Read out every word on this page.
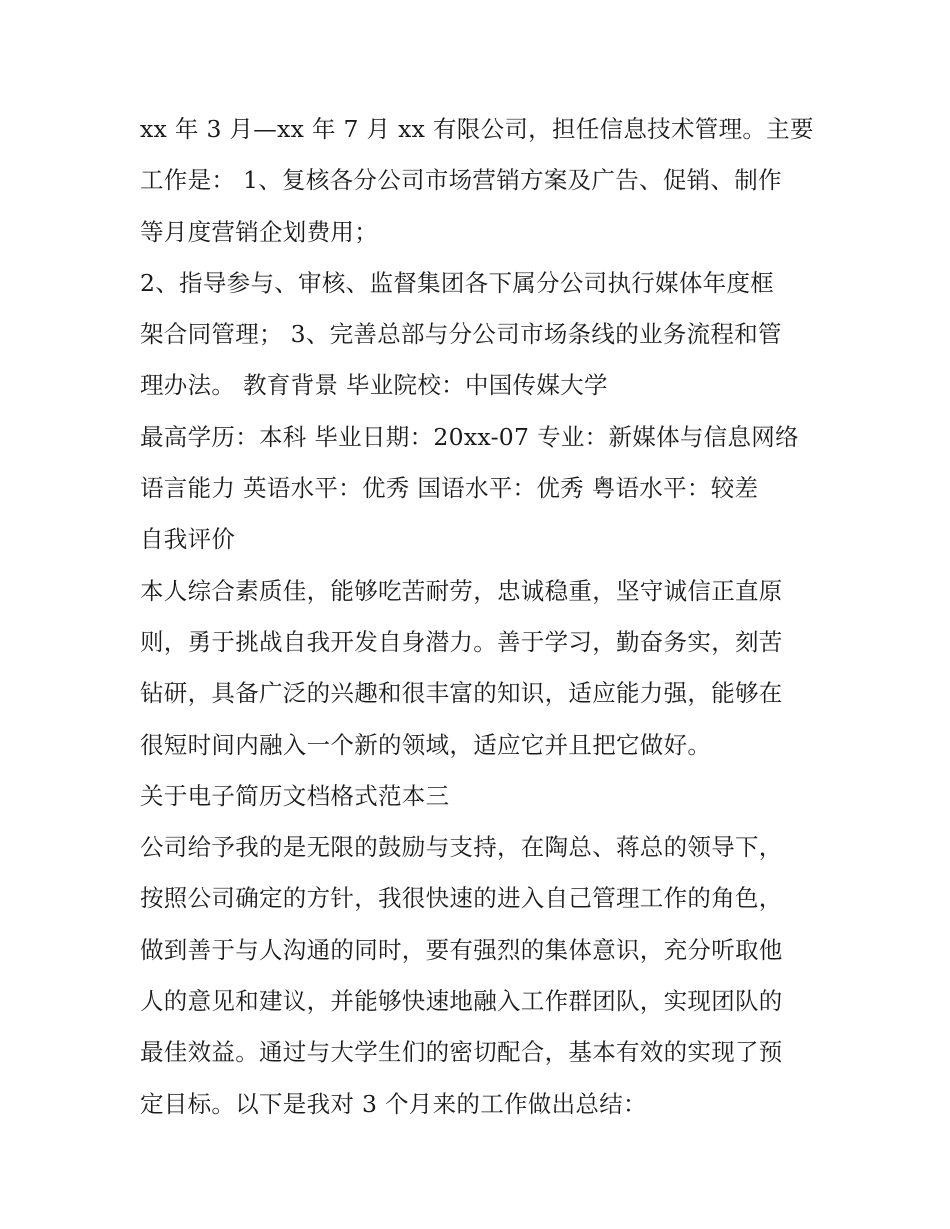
xx 年 3 月—xx 年 7 月 xx 有限公司，担任信息技术管理。主要
工作是： 1、复核各分公司市场营销方案及广告、促销、制作
等月度营销企划费用；
2、指导参与、审核、监督集团各下属分公司执行媒体年度框
架合同管理； 3、完善总部与分公司市场条线的业务流程和管
理办法。 教育背景 毕业院校：中国传媒大学
最高学历：本科 毕业日期：20xx-07 专业：新媒体与信息网络
语言能力 英语水平：优秀 国语水平：优秀 粤语水平：较差
自我评价
本人综合素质佳，能够吃苦耐劳，忠诚稳重，坚守诚信正直原
则，勇于挑战自我开发自身潜力。善于学习，勤奋务实，刻苦
钻研，具备广泛的兴趣和很丰富的知识，适应能力强，能够在
很短时间内融入一个新的领域，适应它并且把它做好。
关于电子简历文档格式范本三
公司给予我的是无限的鼓励与支持，在陶总、蒋总的领导下，
按照公司确定的方针，我很快速的进入自己管理工作的角色，
做到善于与人沟通的同时，要有强烈的集体意识，充分听取他
人的意见和建议，并能够快速地融入工作群团队，实现团队的
最佳效益。通过与大学生们的密切配合，基本有效的实现了预
定目标。以下是我对 3 个月来的工作做出总结：
